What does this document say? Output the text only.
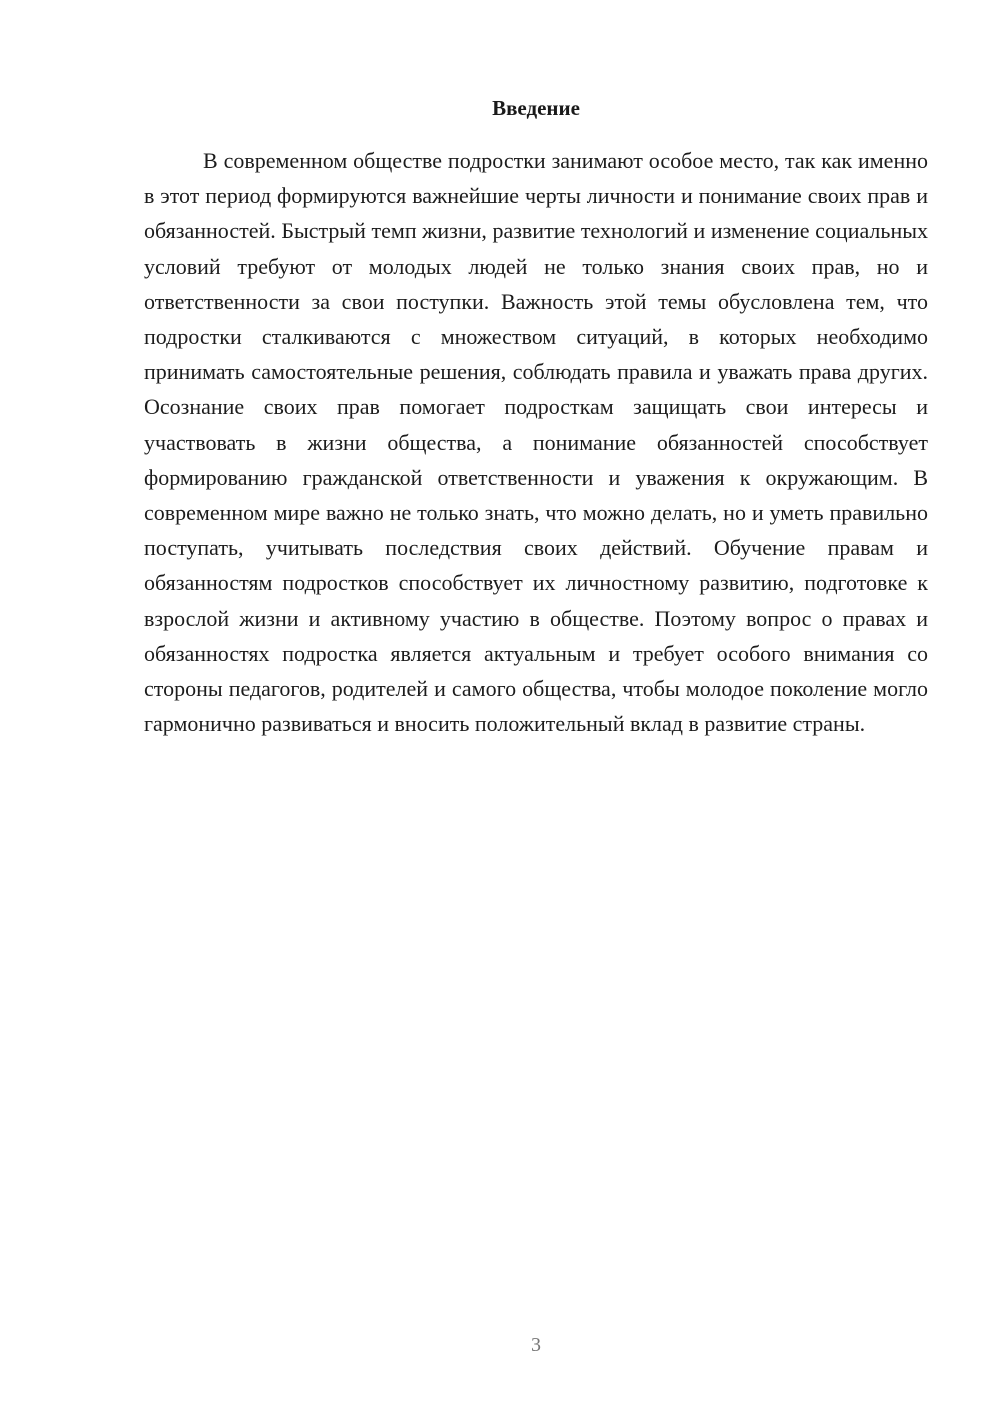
Введение

В современном обществе подростки занимают особое место, так как именно в этот период формируются важнейшие черты личности и понимание своих прав и обязанностей. Быстрый темп жизни, развитие технологий и изменение социальных условий требуют от молодых людей не только знания своих прав, но и ответственности за свои поступки. Важность этой темы обусловлена тем, что подростки сталкиваются с множеством ситуаций, в которых необходимо принимать самостоятельные решения, соблюдать правила и уважать права других. Осознание своих прав помогает подросткам защищать свои интересы и участвовать в жизни общества, а понимание обязанностей способствует формированию гражданской ответственности и уважения к окружающим. В современном мире важно не только знать, что можно делать, но и уметь правильно поступать, учитывать последствия своих действий. Обучение правам и обязанностям подростков способствует их личностному развитию, подготовке к взрослой жизни и активному участию в обществе. Поэтому вопрос о правах и обязанностях подростка является актуальным и требует особого внимания со стороны педагогов, родителей и самого общества, чтобы молодое поколение могло гармонично развиваться и вносить положительный вклад в развитие страны.

3
